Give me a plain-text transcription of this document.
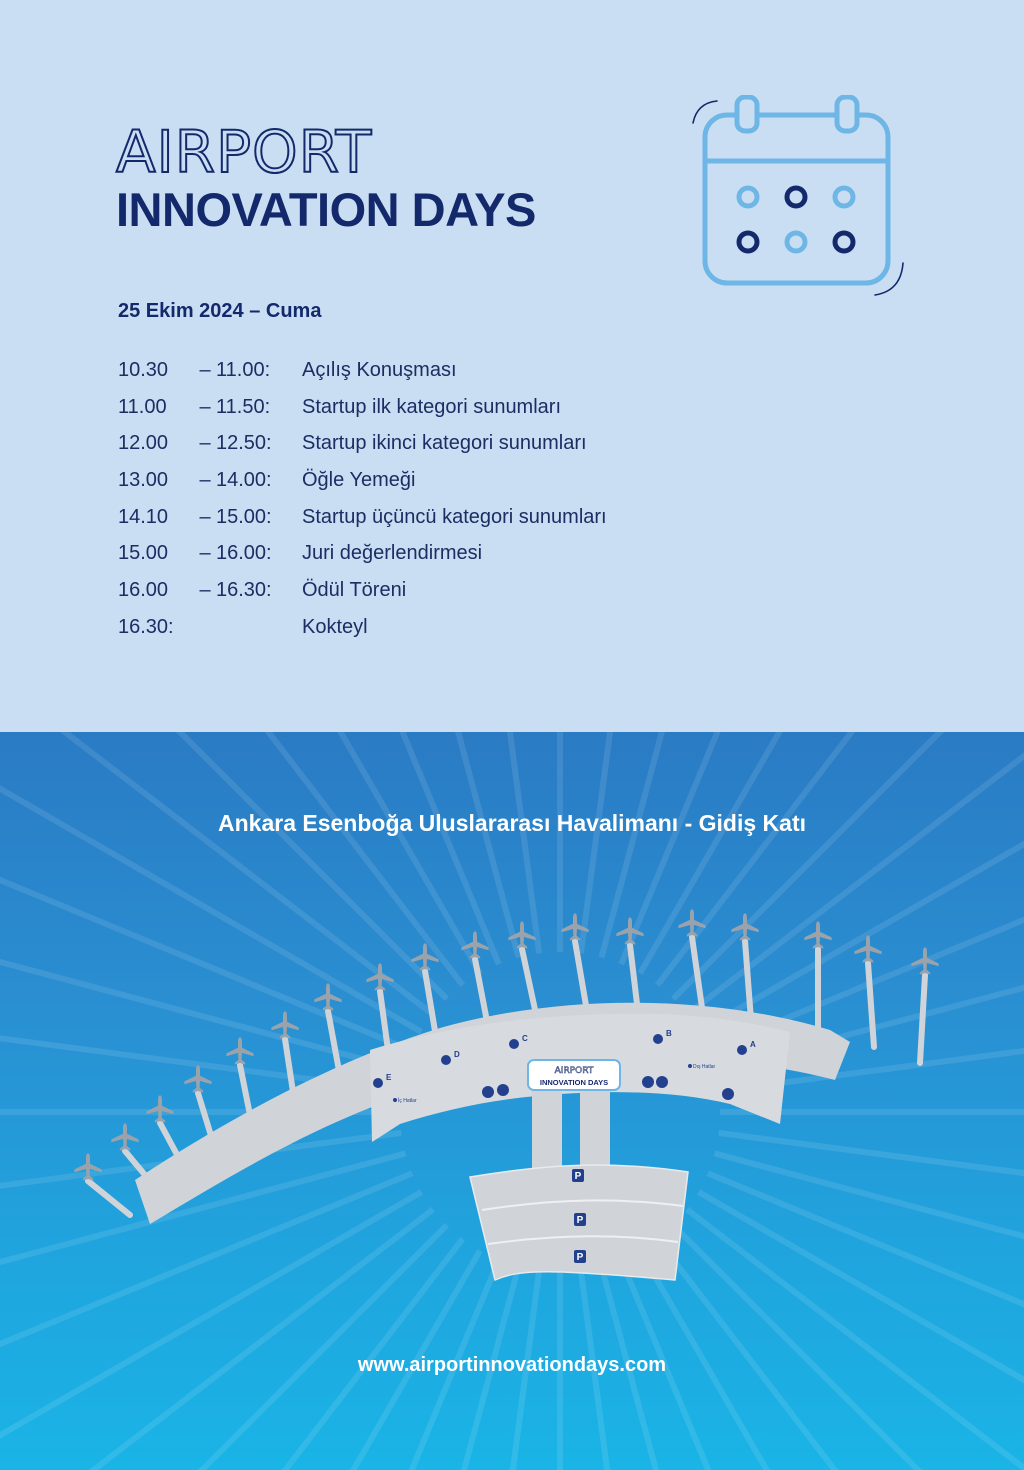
AIRPORT
INNOVATION DAYS
25 Ekim 2024 – Cuma
10.30 – 11.00: Açılış Konuşması
11.00 – 11.50: Startup ilk kategori sunumları
12.00 – 12.50: Startup ikinci kategori sunumları
13.00 – 14.00: Öğle Yemeği
14.10 – 15.00: Startup üçüncü kategori sunumları
15.00 – 16.00: Juri değerlendirmesi
16.00 – 16.30: Ödül Töreni
16.30:	Kokteyl
Ankara Esenboğa Uluslararası Havalimanı - Gidiş Katı
P
P
P
A
B
C
D
E
İç Hatlar
Dış Hatlar
AIRPORT
INNOVATION DAYS
www.airportinnovationdays.com
